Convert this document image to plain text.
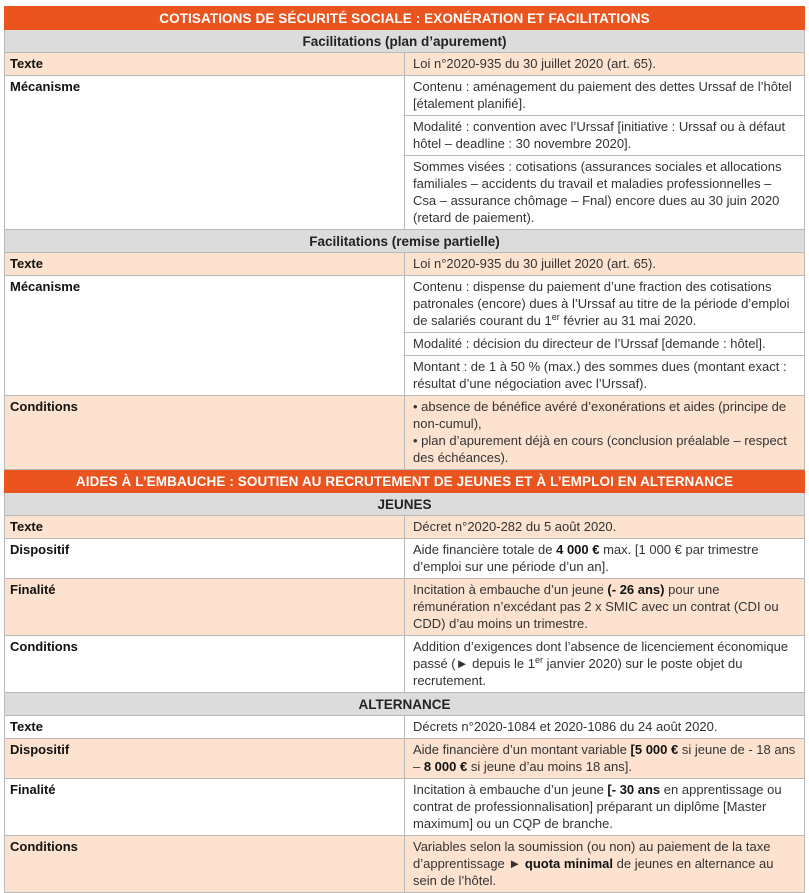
COTISATIONS DE SÉCURITÉ SOCIALE : EXONÉRATION ET FACILITATIONS	
Facilitations (plan d’apurement)	
Texte	Loi n°2020-935 du 30 juillet 2020 (art. 65).
Mécanisme	Contenu : aménagement du paiement des dettes Urssaf de l’hôtel [étalement planifié].
	Modalité : convention avec l’Urssaf [initiative : Urssaf ou à défaut hôtel – deadline : 30 novembre 2020].
	Sommes visées : cotisations (assurances sociales et allocations familiales – accidents du travail et maladies professionnelles – Csa – assurance chômage – Fnal) encore dues au 30 juin 2020 (retard de paiement).
Facilitations (remise partielle)	
Texte	Loi n°2020-935 du 30 juillet 2020 (art. 65).
Mécanisme	Contenu : dispense du paiement d’une fraction des cotisations patronales (encore) dues à l’Urssaf au titre de la période d’emploi de salariés courant du 1er février au 31 mai 2020.
	Modalité : décision du directeur de l’Urssaf [demande : hôtel].
	Montant : de 1 à 50 % (max.) des sommes dues (montant exact : résultat d’une négociation avec l’Urssaf).
Conditions	• absence de bénéfice avéré d’exonérations et aides (principe de non-cumul),
• plan d’apurement déjà en cours (conclusion préalable – respect des échéances).

AIDES À L’EMBAUCHE : SOUTIEN AU RECRUTEMENT DE JEUNES ET À L’EMPLOI EN ALTERNANCE	
JEUNES	
Texte	Décret n°2020-282 du 5 août 2020.
Dispositif	Aide financière totale de 4 000 € max. [1 000 € par trimestre d’emploi sur une période d’un an].
Finalité	Incitation à embauche d’un jeune (- 26 ans) pour une rémunération n’excédant pas 2 x SMIC avec un contrat (CDI ou CDD) d’au moins un trimestre.
Conditions	Addition d’exigences dont l’absence de licenciement économique passé (► depuis le 1er janvier 2020) sur le poste objet du recrutement.
ALTERNANCE	
Texte	Décrets n°2020-1084 et 2020-1086 du 24 août 2020.
Dispositif	Aide financière d’un montant variable [5 000 € si jeune de - 18 ans – 8 000 € si jeune d’au moins 18 ans].
Finalité	Incitation à embauche d’un jeune [- 30 ans en apprentissage ou contrat de professionnalisation] préparant un diplôme [Master maximum] ou un CQP de branche.
Conditions	Variables selon la soumission (ou non) au paiement de la taxe d’apprentissage ► quota minimal de jeunes en alternance au sein de l’hôtel.
